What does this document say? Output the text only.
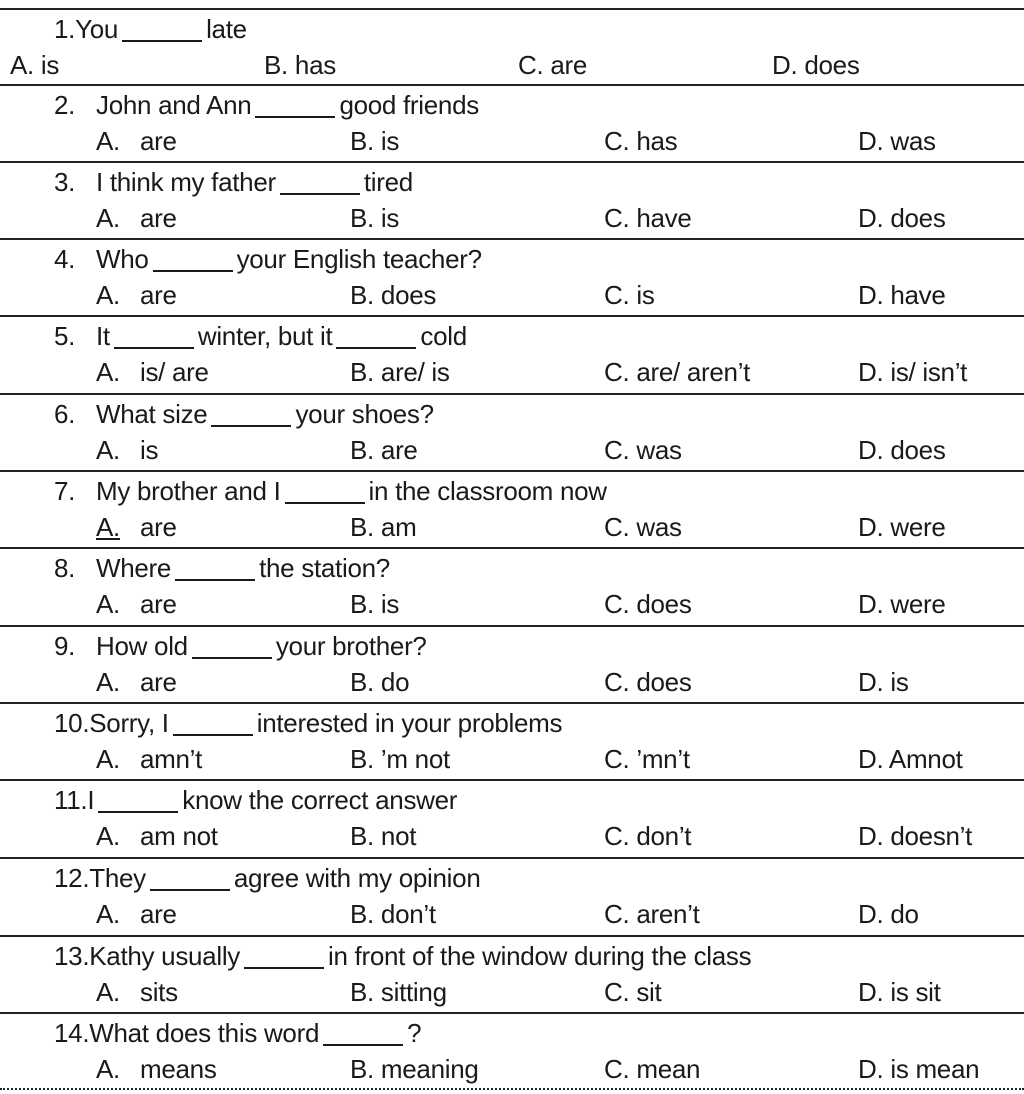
1.You	late
A. is	B. has	C. are	D. does
2. John and Ann	good friends
A. are	B. is	C. has	D. was
3. I think my father	tired
A. are	B. is	C. have	D. does
4. Who	your English teacher?
A. are	B. does	C. is	D. have
5. It	winter, but it	cold
A. is/ are	B. are/ is	C. are/ aren’t	D. is/ isn’t
6. What size	your shoes?
A. is	B. are	C. was	D. does
7. My brother and I	in the classroom now
A. are	B. am	C. was	D. were
8. Where	the station?
A. are	B. is	C. does	D. were
9. How old	your brother?
A. are	B. do	C. does	D. is
10.Sorry, I	interested in your problems
A. amn’t	B. ’m not	C. ’mn’t	D. Amnot
11.I	know the correct answer
A. am not	B. not	C. don’t	D. doesn’t
12.They	agree with my opinion
A. are	B. don’t	C. aren’t	D. do
13.Kathy usually	in front of the window during the class
A. sits	B. sitting	C. sit	D. is sit
14.What does this word	?
A. means	B. meaning	C. mean	D. is mean
